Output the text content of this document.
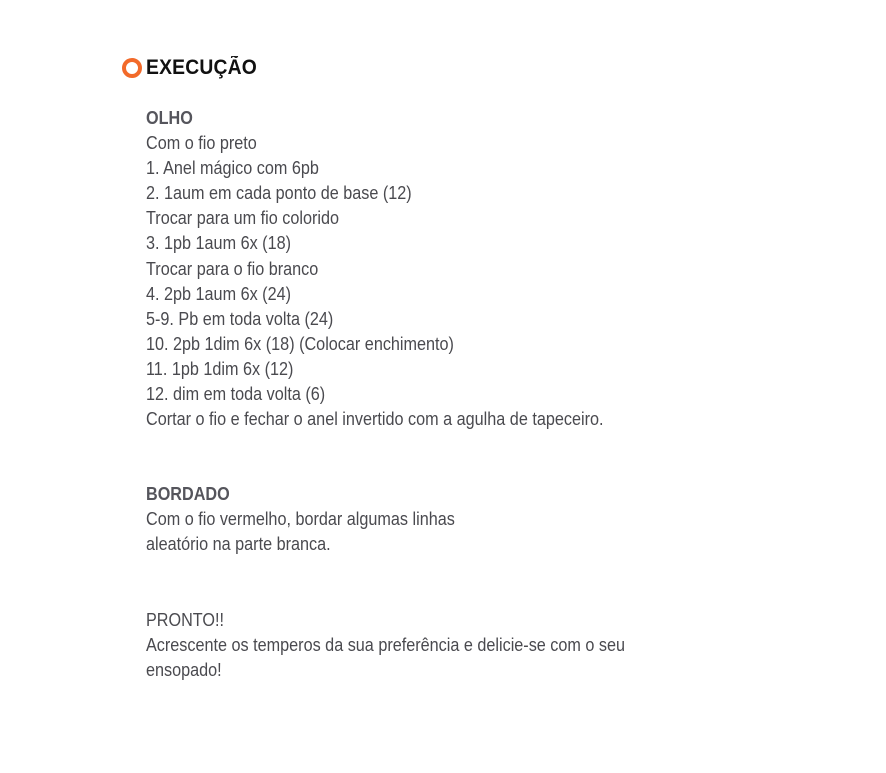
EXECUÇÃO
OLHO
Com o fio preto
1. Anel mágico com 6pb
2. 1aum em cada ponto de base (12)
Trocar para um fio colorido
3. 1pb 1aum 6x (18)
Trocar para o fio branco
4. 2pb 1aum 6x (24)
5-9. Pb em toda volta (24)
10. 2pb 1dim 6x (18) (Colocar enchimento)
11. 1pb 1dim 6x (12)
12. dim em toda volta (6)
Cortar o fio e fechar o anel invertido com a agulha de tapeceiro.
BORDADO
Com o fio vermelho, bordar algumas linhas
aleatório na parte branca.
PRONTO!!
Acrescente os temperos da sua preferência e delicie-se com o seu
ensopado!
